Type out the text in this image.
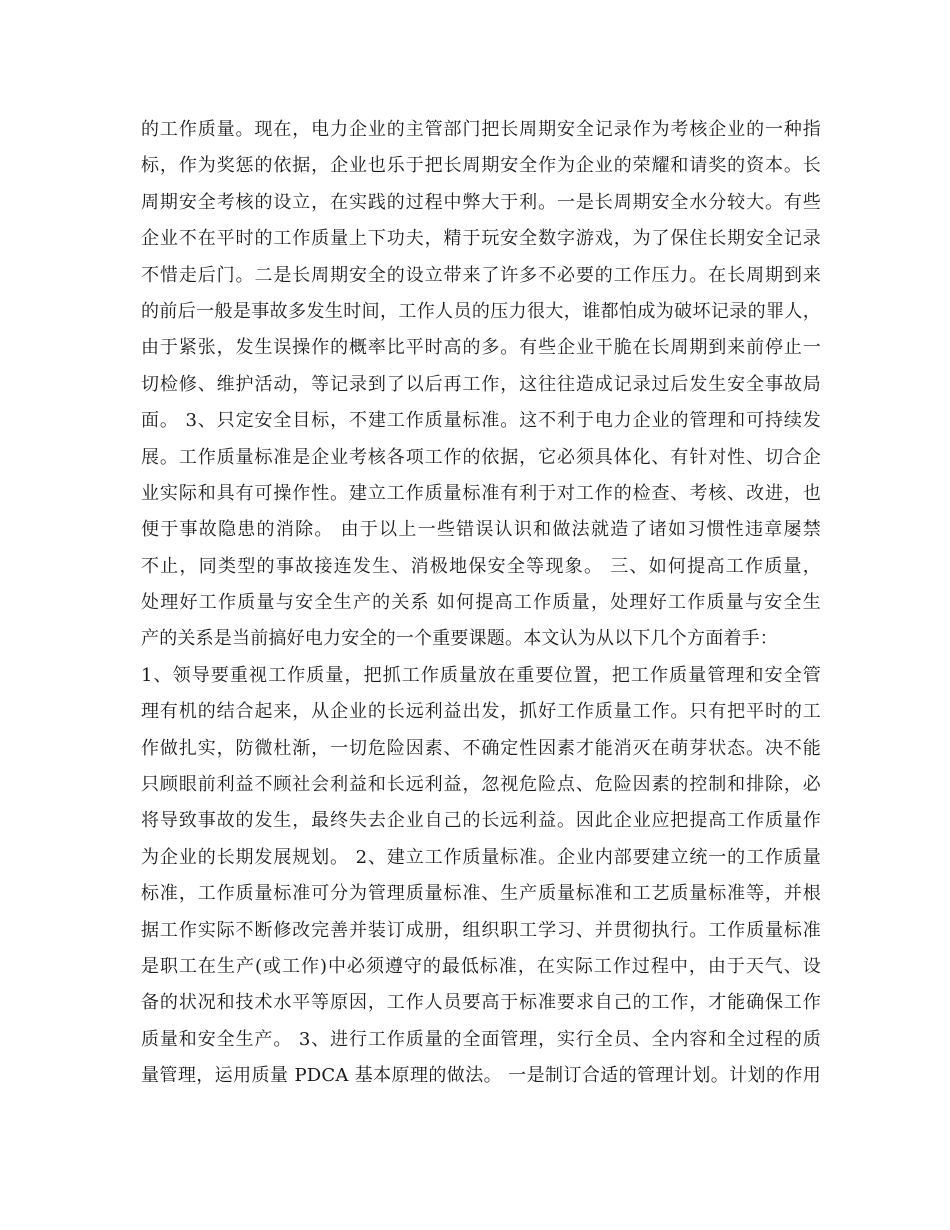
的工作质量。现在，电力企业的主管部门把长周期安全记录作为考核企业的一种指
标，作为奖惩的依据，企业也乐于把长周期安全作为企业的荣耀和请奖的资本。长
周期安全考核的设立，在实践的过程中弊大于利。一是长周期安全水分较大。有些
企业不在平时的工作质量上下功夫，精于玩安全数字游戏，为了保住长期安全记录
不惜走后门。二是长周期安全的设立带来了许多不必要的工作压力。在长周期到来
的前后一般是事故多发生时间，工作人员的压力很大，谁都怕成为破坏记录的罪人，
由于紧张，发生误操作的概率比平时高的多。有些企业干脆在长周期到来前停止一
切检修、维护活动，等记录到了以后再工作，这往往造成记录过后发生安全事故局
面。 3、只定安全目标，不建工作质量标准。这不利于电力企业的管理和可持续发
展。工作质量标准是企业考核各项工作的依据，它必须具体化、有针对性、切合企
业实际和具有可操作性。建立工作质量标准有利于对工作的检查、考核、改进，也
便于事故隐患的消除。 由于以上一些错误认识和做法就造了诸如习惯性违章屡禁
不止，同类型的事故接连发生、消极地保安全等现象。 三、如何提高工作质量，
处理好工作质量与安全生产的关系 如何提高工作质量，处理好工作质量与安全生
产的关系是当前搞好电力安全的一个重要课题。本文认为从以下几个方面着手：
1、领导要重视工作质量，把抓工作质量放在重要位置，把工作质量管理和安全管
理有机的结合起来，从企业的长远利益出发，抓好工作质量工作。只有把平时的工
作做扎实，防微杜渐，一切危险因素、不确定性因素才能消灭在萌芽状态。决不能
只顾眼前利益不顾社会利益和长远利益，忽视危险点、危险因素的控制和排除，必
将导致事故的发生，最终失去企业自己的长远利益。因此企业应把提高工作质量作
为企业的长期发展规划。 2、建立工作质量标准。企业内部要建立统一的工作质量
标准，工作质量标准可分为管理质量标准、生产质量标准和工艺质量标准等，并根
据工作实际不断修改完善并装订成册，组织职工学习、并贯彻执行。工作质量标准
是职工在生产(或工作)中必须遵守的最低标准，在实际工作过程中，由于天气、设
备的状况和技术水平等原因，工作人员要高于标准要求自己的工作，才能确保工作
质量和安全生产。 3、进行工作质量的全面管理，实行全员、全内容和全过程的质
量管理，运用质量 PDCA 基本原理的做法。 一是制订合适的管理计划。计划的作用
